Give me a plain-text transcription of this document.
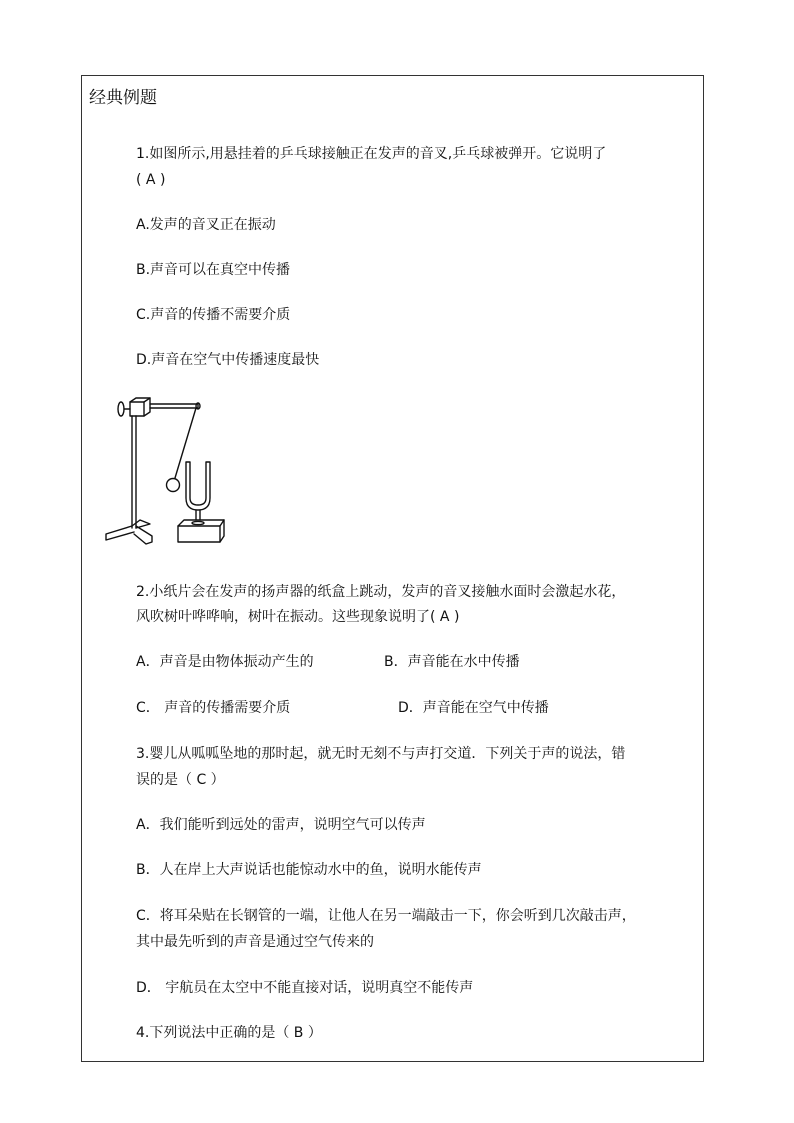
经典例题
1.如图所示,用悬挂着的乒乓球接触正在发声的音叉,乒乓球被弹开。它说明了
( A )
A.发声的音叉正在振动
B.声音可以在真空中传播
C.声音的传播不需要介质
D.声音在空气中传播速度最快
2.小纸片会在发声的扬声器的纸盒上跳动，发声的音叉接触水面时会激起水花，
风吹树叶哗哗响，树叶在振动。这些现象说明了( A )
A．声音是由物体振动产生的	B．声音能在水中传播
C． 声音的传播需要介质	D．声音能在空气中传播
3.婴儿从呱呱坠地的那时起，就无时无刻不与声打交道．下列关于声的说法，错
误的是（ C ）
A．我们能听到远处的雷声，说明空气可以传声
B．人在岸上大声说话也能惊动水中的鱼，说明水能传声
C．将耳朵贴在长钢管的一端，让他人在另一端敲击一下，你会听到几次敲击声，
其中最先听到的声音是通过空气传来的
D． 宇航员在太空中不能直接对话，说明真空不能传声
4.下列说法中正确的是（ B ）
